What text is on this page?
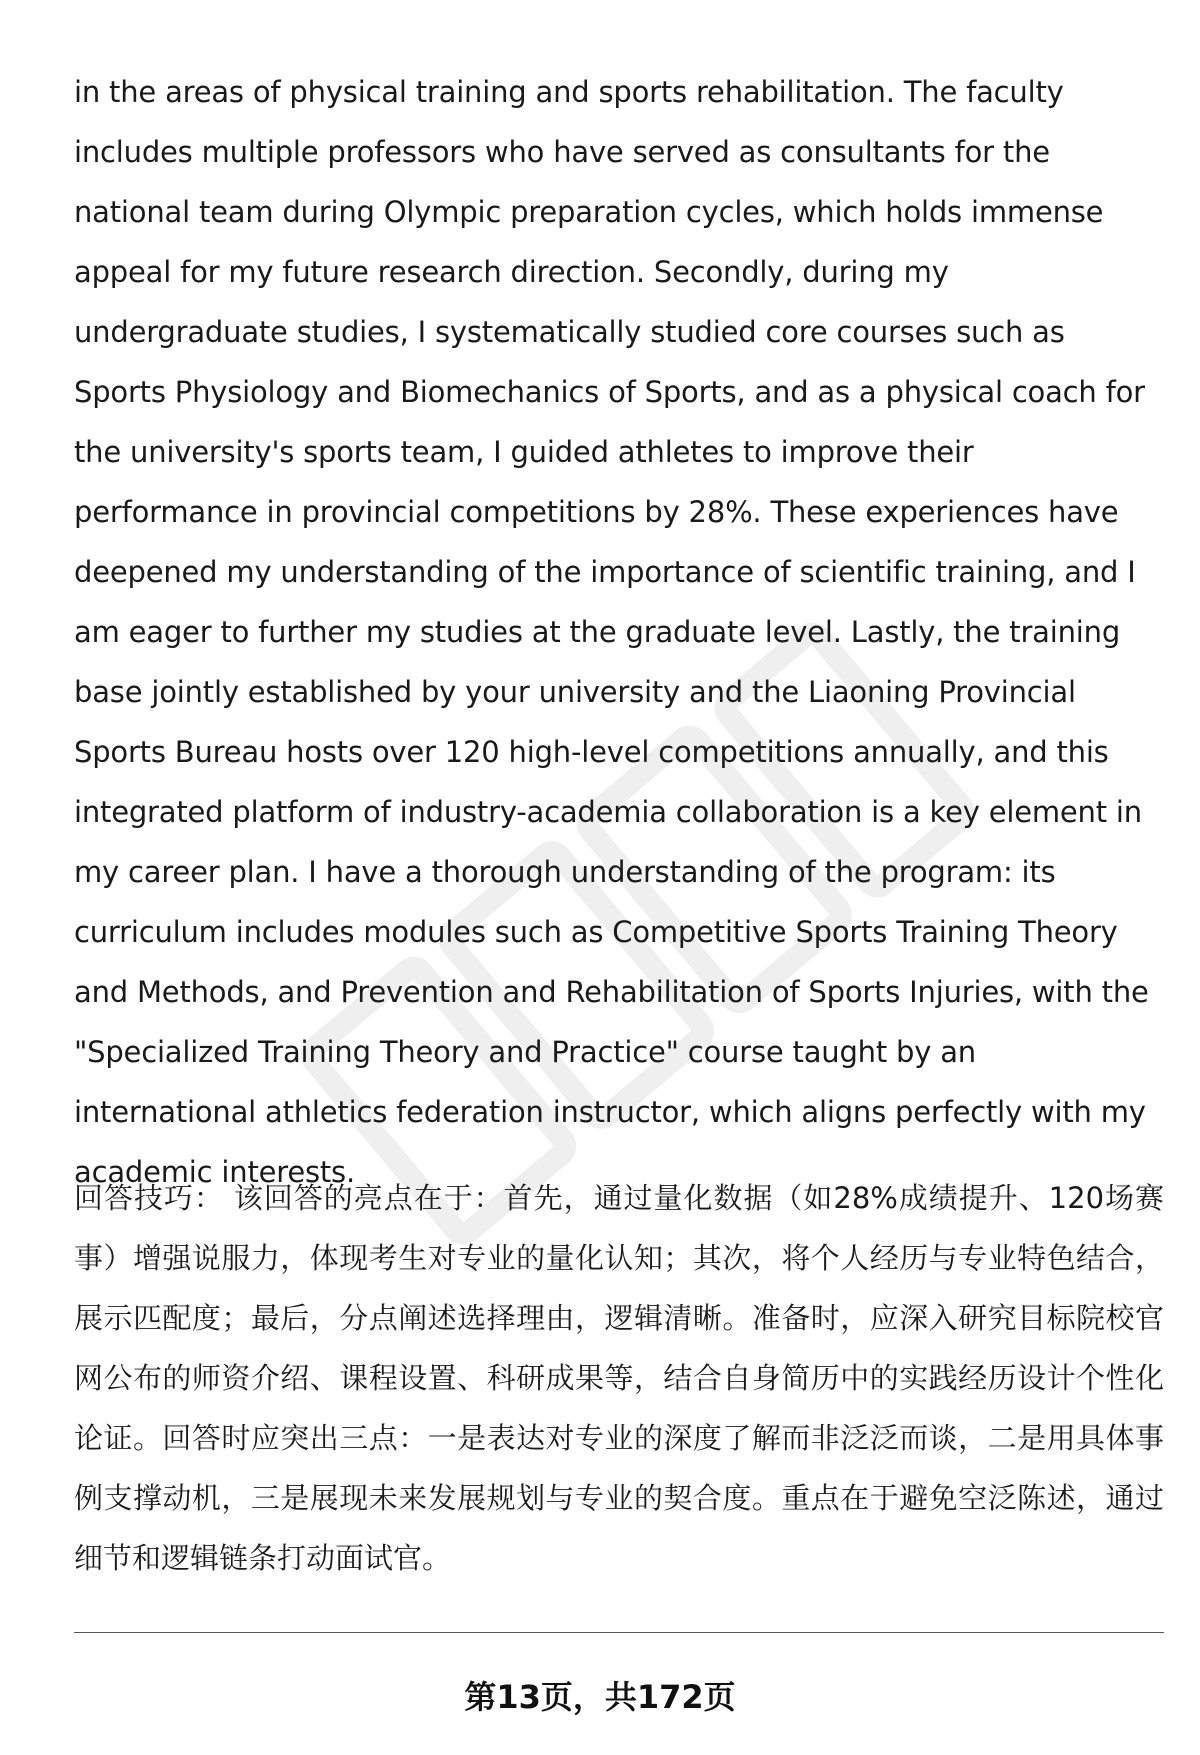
in the areas of physical training and sports rehabilitation. The faculty includes multiple professors who have served as consultants for the national team during Olympic preparation cycles, which holds immense appeal for my future research direction. Secondly, during my undergraduate studies, I systematically studied core courses such as Sports Physiology and Biomechanics of Sports, and as a physical coach for the university's sports team, I guided athletes to improve their performance in provincial competitions by 28%. These experiences have deepened my understanding of the importance of scientific training, and I am eager to further my studies at the graduate level. Lastly, the training base jointly established by your university and the Liaoning Provincial Sports Bureau hosts over 120 high-level competitions annually, and this integrated platform of industry-academia collaboration is a key element in my career plan. I have a thorough understanding of the program: its curriculum includes modules such as Competitive Sports Training Theory and Methods, and Prevention and Rehabilitation of Sports Injuries, with the "Specialized Training Theory and Practice" course taught by an international athletics federation instructor, which aligns perfectly with my academic interests.

回答技巧： 该回答的亮点在于：首先，通过量化数据（如28%成绩提升、120场赛事）增强说服力，体现考生对专业的量化认知；其次，将个人经历与专业特色结合，展示匹配度；最后，分点阐述选择理由，逻辑清晰。准备时，应深入研究目标院校官网公布的师资介绍、课程设置、科研成果等，结合自身简历中的实践经历设计个性化论证。回答时应突出三点：一是表达对专业的深度了解而非泛泛而谈，二是用具体事例支撑动机，三是展现未来发展规划与专业的契合度。重点在于避免空泛陈述，通过细节和逻辑链条打动面试官。

第13页，共172页
